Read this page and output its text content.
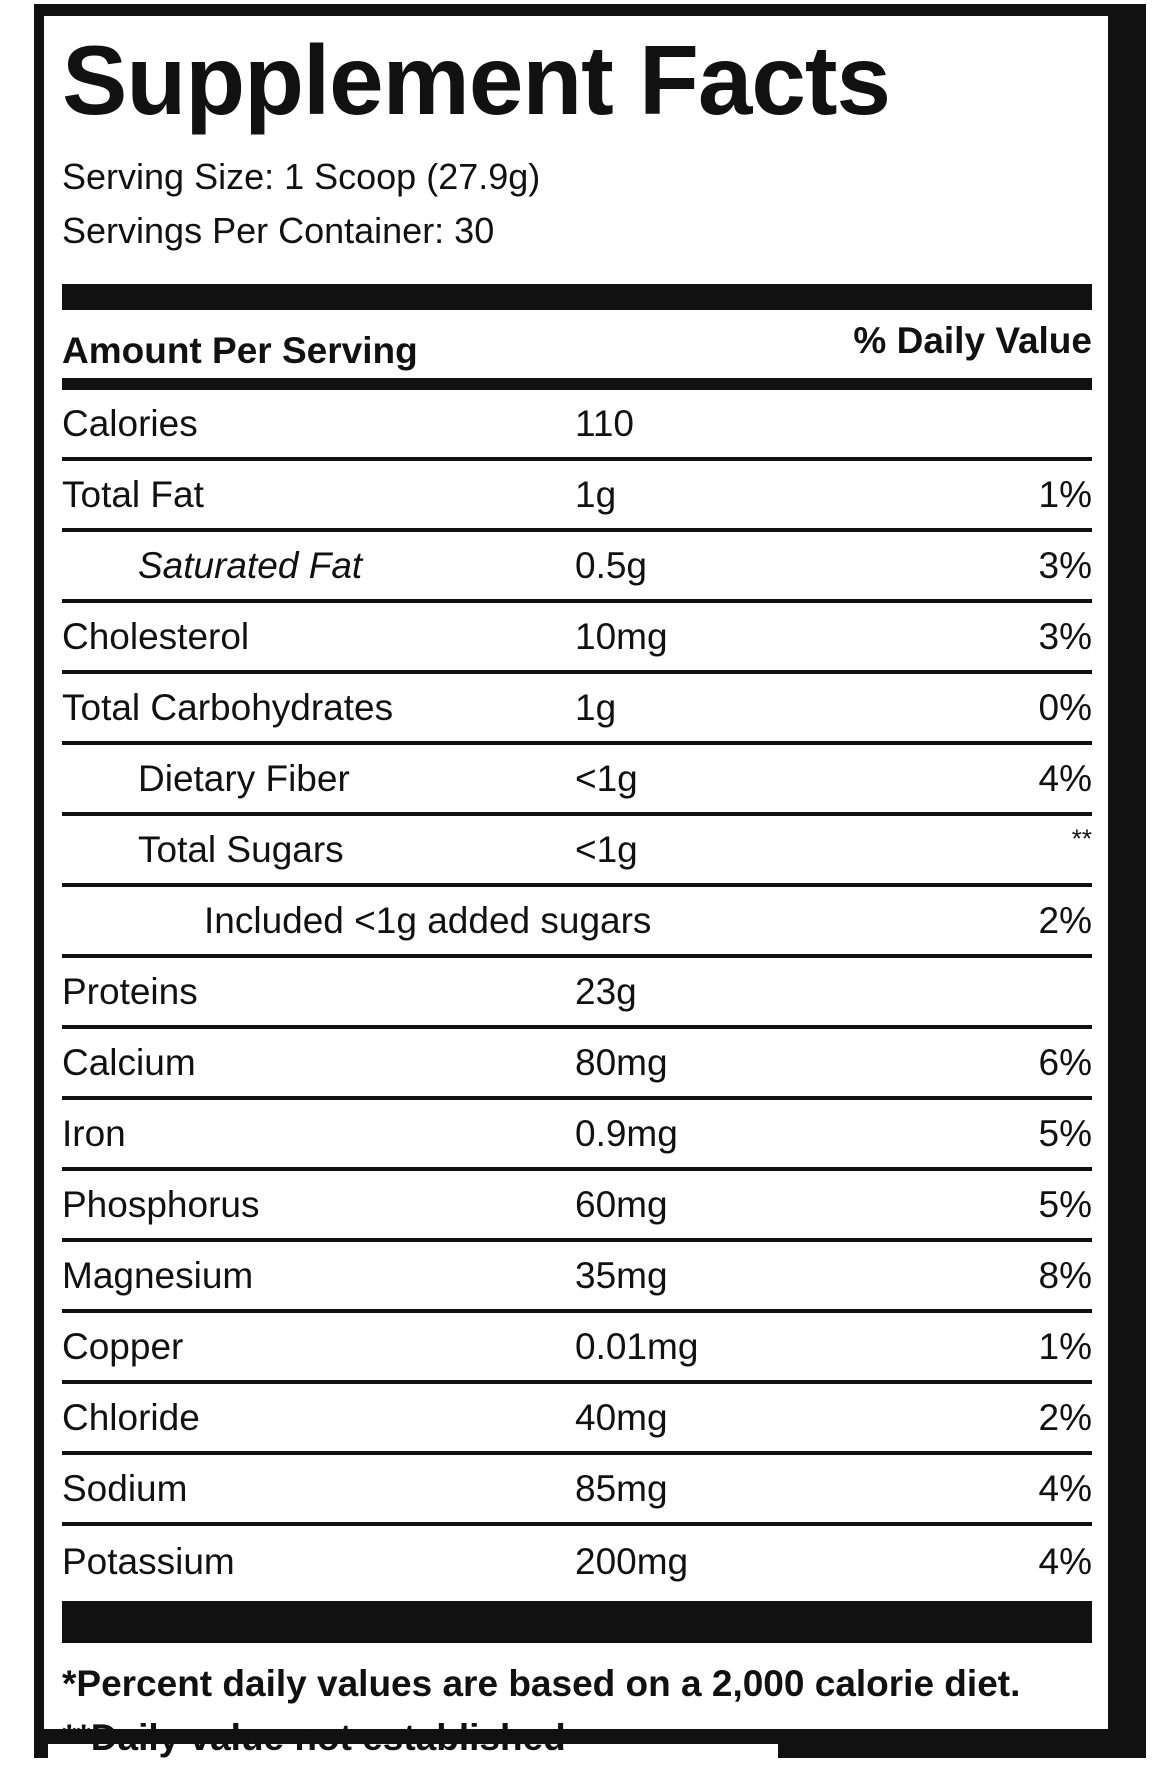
Supplement Facts
Serving Size: 1 Scoop (27.9g)
Servings Per Container: 30
Amount Per Serving	% Daily Value
Calories	110
Total Fat	1g	1%
Saturated Fat	0.5g	3%
Cholesterol	10mg	3%
Total Carbohydrates	1g	0%
Dietary Fiber	<1g	4%
Total Sugars	<1g	**
Included <1g added sugars	2%
Proteins	23g
Calcium	80mg	6%
Iron	0.9mg	5%
Phosphorus	60mg	5%
Magnesium	35mg	8%
Copper	0.01mg	1%
Chloride	40mg	2%
Sodium	85mg	4%
Potassium	200mg	4%
*Percent daily values are based on a 2,000 calorie diet.
**Daily value not established
